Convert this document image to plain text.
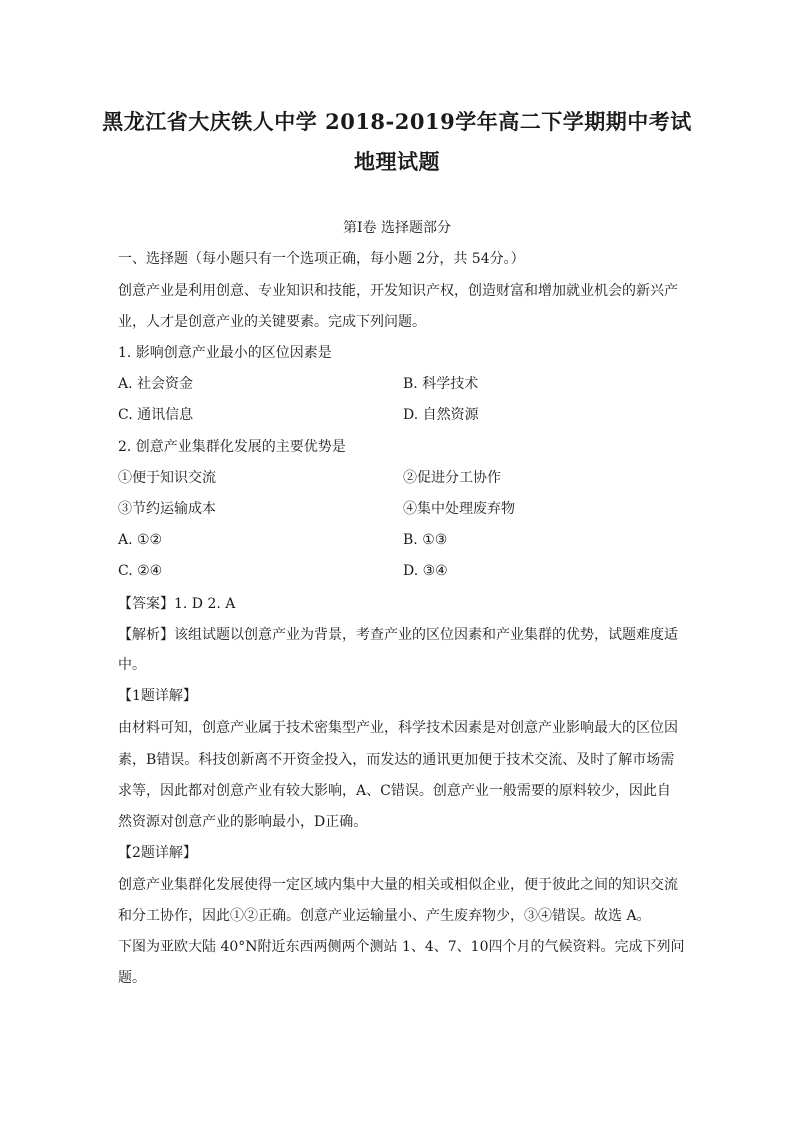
黑龙江省大庆铁人中学 2018-2019学年高二下学期期中考试
地理试题
第Ⅰ卷 选择题部分
一、选择题（每小题只有一个选项正确，每小题 2分，共 54分。）
创意产业是利用创意、专业知识和技能，开发知识产权，创造财富和增加就业机会的新兴产
业，人才是创意产业的关键要素。完成下列问题。
1. 影响创意产业最小的区位因素是
A. 社会资金	B. 科学技术
C. 通讯信息	D. 自然资源
2. 创意产业集群化发展的主要优势是
①便于知识交流	②促进分工协作
③节约运输成本	④集中处理废弃物
A. ①②	B. ①③
C. ②④	D. ③④
【答案】1. D 2. A
【解析】该组试题以创意产业为背景，考查产业的区位因素和产业集群的优势，试题难度适
中。
【1题详解】
由材料可知，创意产业属于技术密集型产业，科学技术因素是对创意产业影响最大的区位因
素，B错误。科技创新离不开资金投入，而发达的通讯更加便于技术交流、及时了解市场需
求等，因此都对创意产业有较大影响，A、C错误。创意产业一般需要的原料较少，因此自
然资源对创意产业的影响最小，D正确。
【2题详解】
创意产业集群化发展使得一定区域内集中大量的相关或相似企业，便于彼此之间的知识交流
和分工协作，因此①②正确。创意产业运输量小、产生废弃物少，③④错误。故选 A。
下图为亚欧大陆 40°N附近东西两侧两个测站 1、4、7、10四个月的气候资料。完成下列问
题。
